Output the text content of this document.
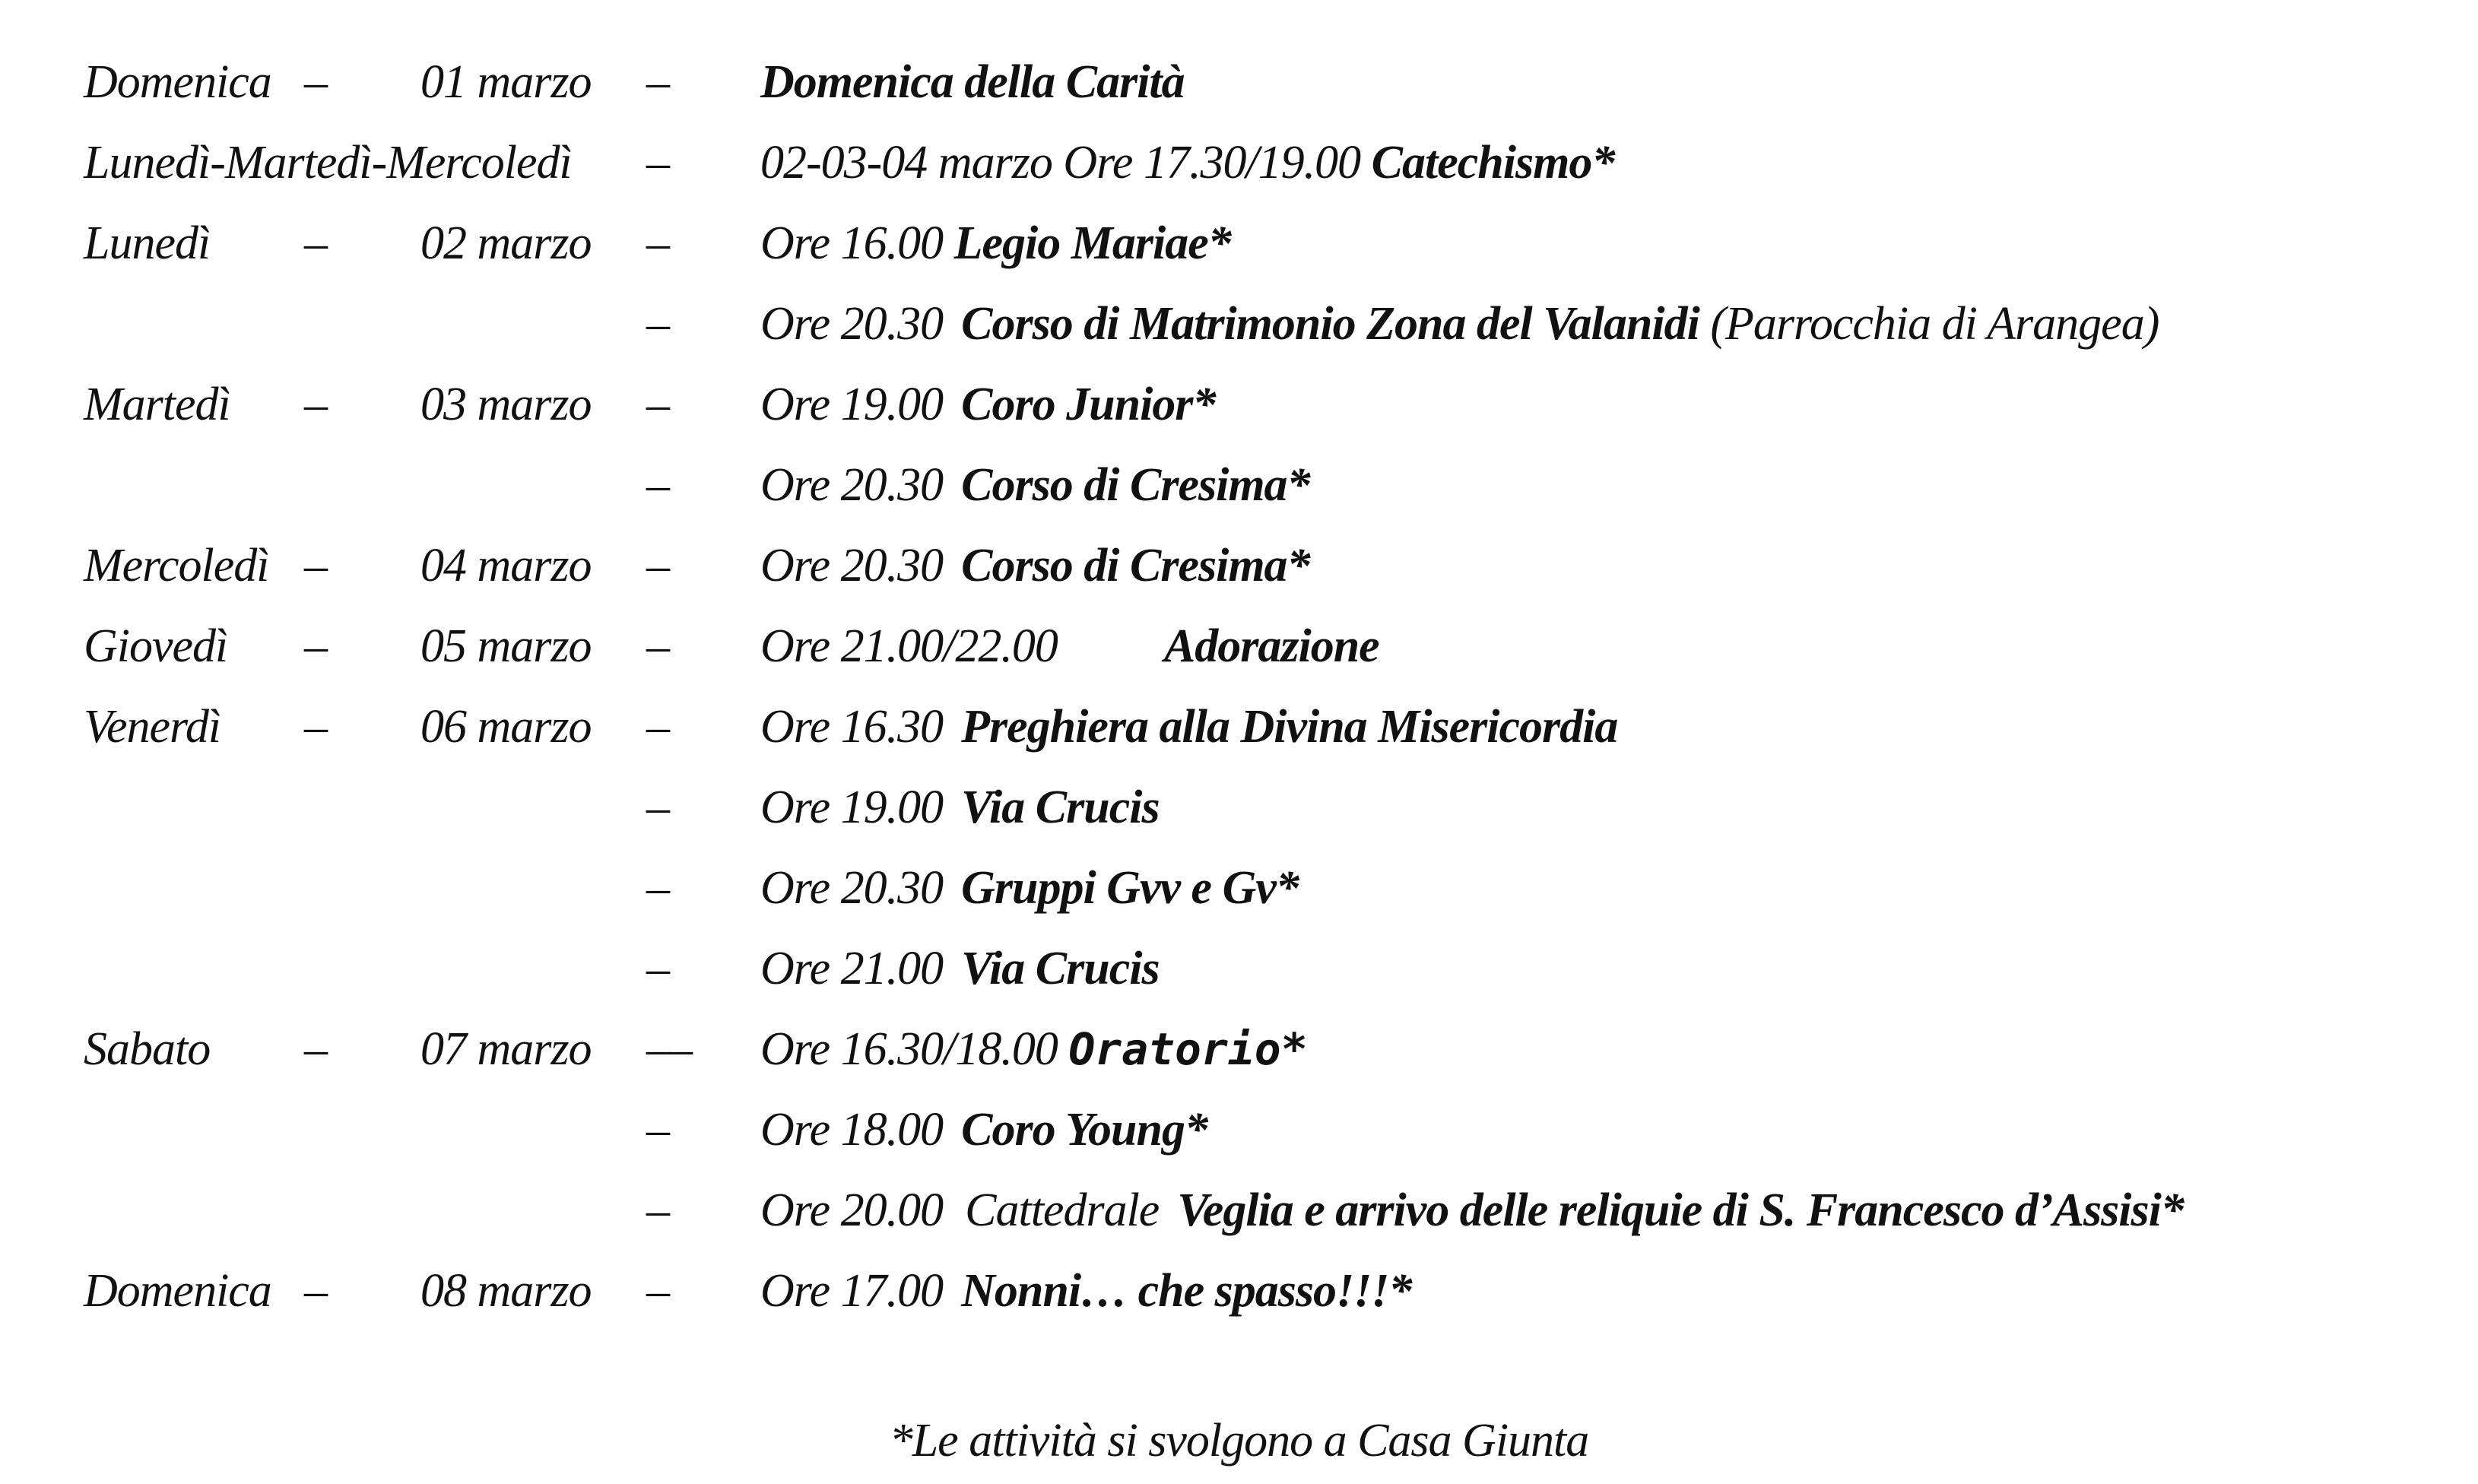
Domenica – 01 marzo – Domenica della Carità
Lunedì-Martedì-Mercoledì – 02-03-04 marzo Ore 17.30/19.00 Catechismo*
Lunedì – 02 marzo – Ore 16.00 Legio Mariae*
– Ore 20.30 Corso di Matrimonio Zona del Valanidi (Parrocchia di Arangea)
Martedì – 03 marzo – Ore 19.00 Coro Junior*
– Ore 20.30 Corso di Cresima*
Mercoledì – 04 marzo – Ore 20.30 Corso di Cresima*
Giovedì – 05 marzo – Ore 21.00/22.00 Adorazione
Venerdì – 06 marzo – Ore 16.30 Preghiera alla Divina Misericordia
– Ore 19.00 Via Crucis
– Ore 20.30 Gruppi Gvv e Gv*
– Ore 21.00 Via Crucis
Sabato – 07 marzo –– Ore 16.30/18.00 Oratorio*
– Ore 18.00 Coro Young*
– Ore 20.00  Cattedrale Veglia e arrivo delle reliquie di S. Francesco d’Assisi*
Domenica – 08 marzo – Ore 17.00 Nonni… che spasso!!!*
*Le attività si svolgono a Casa Giunta
